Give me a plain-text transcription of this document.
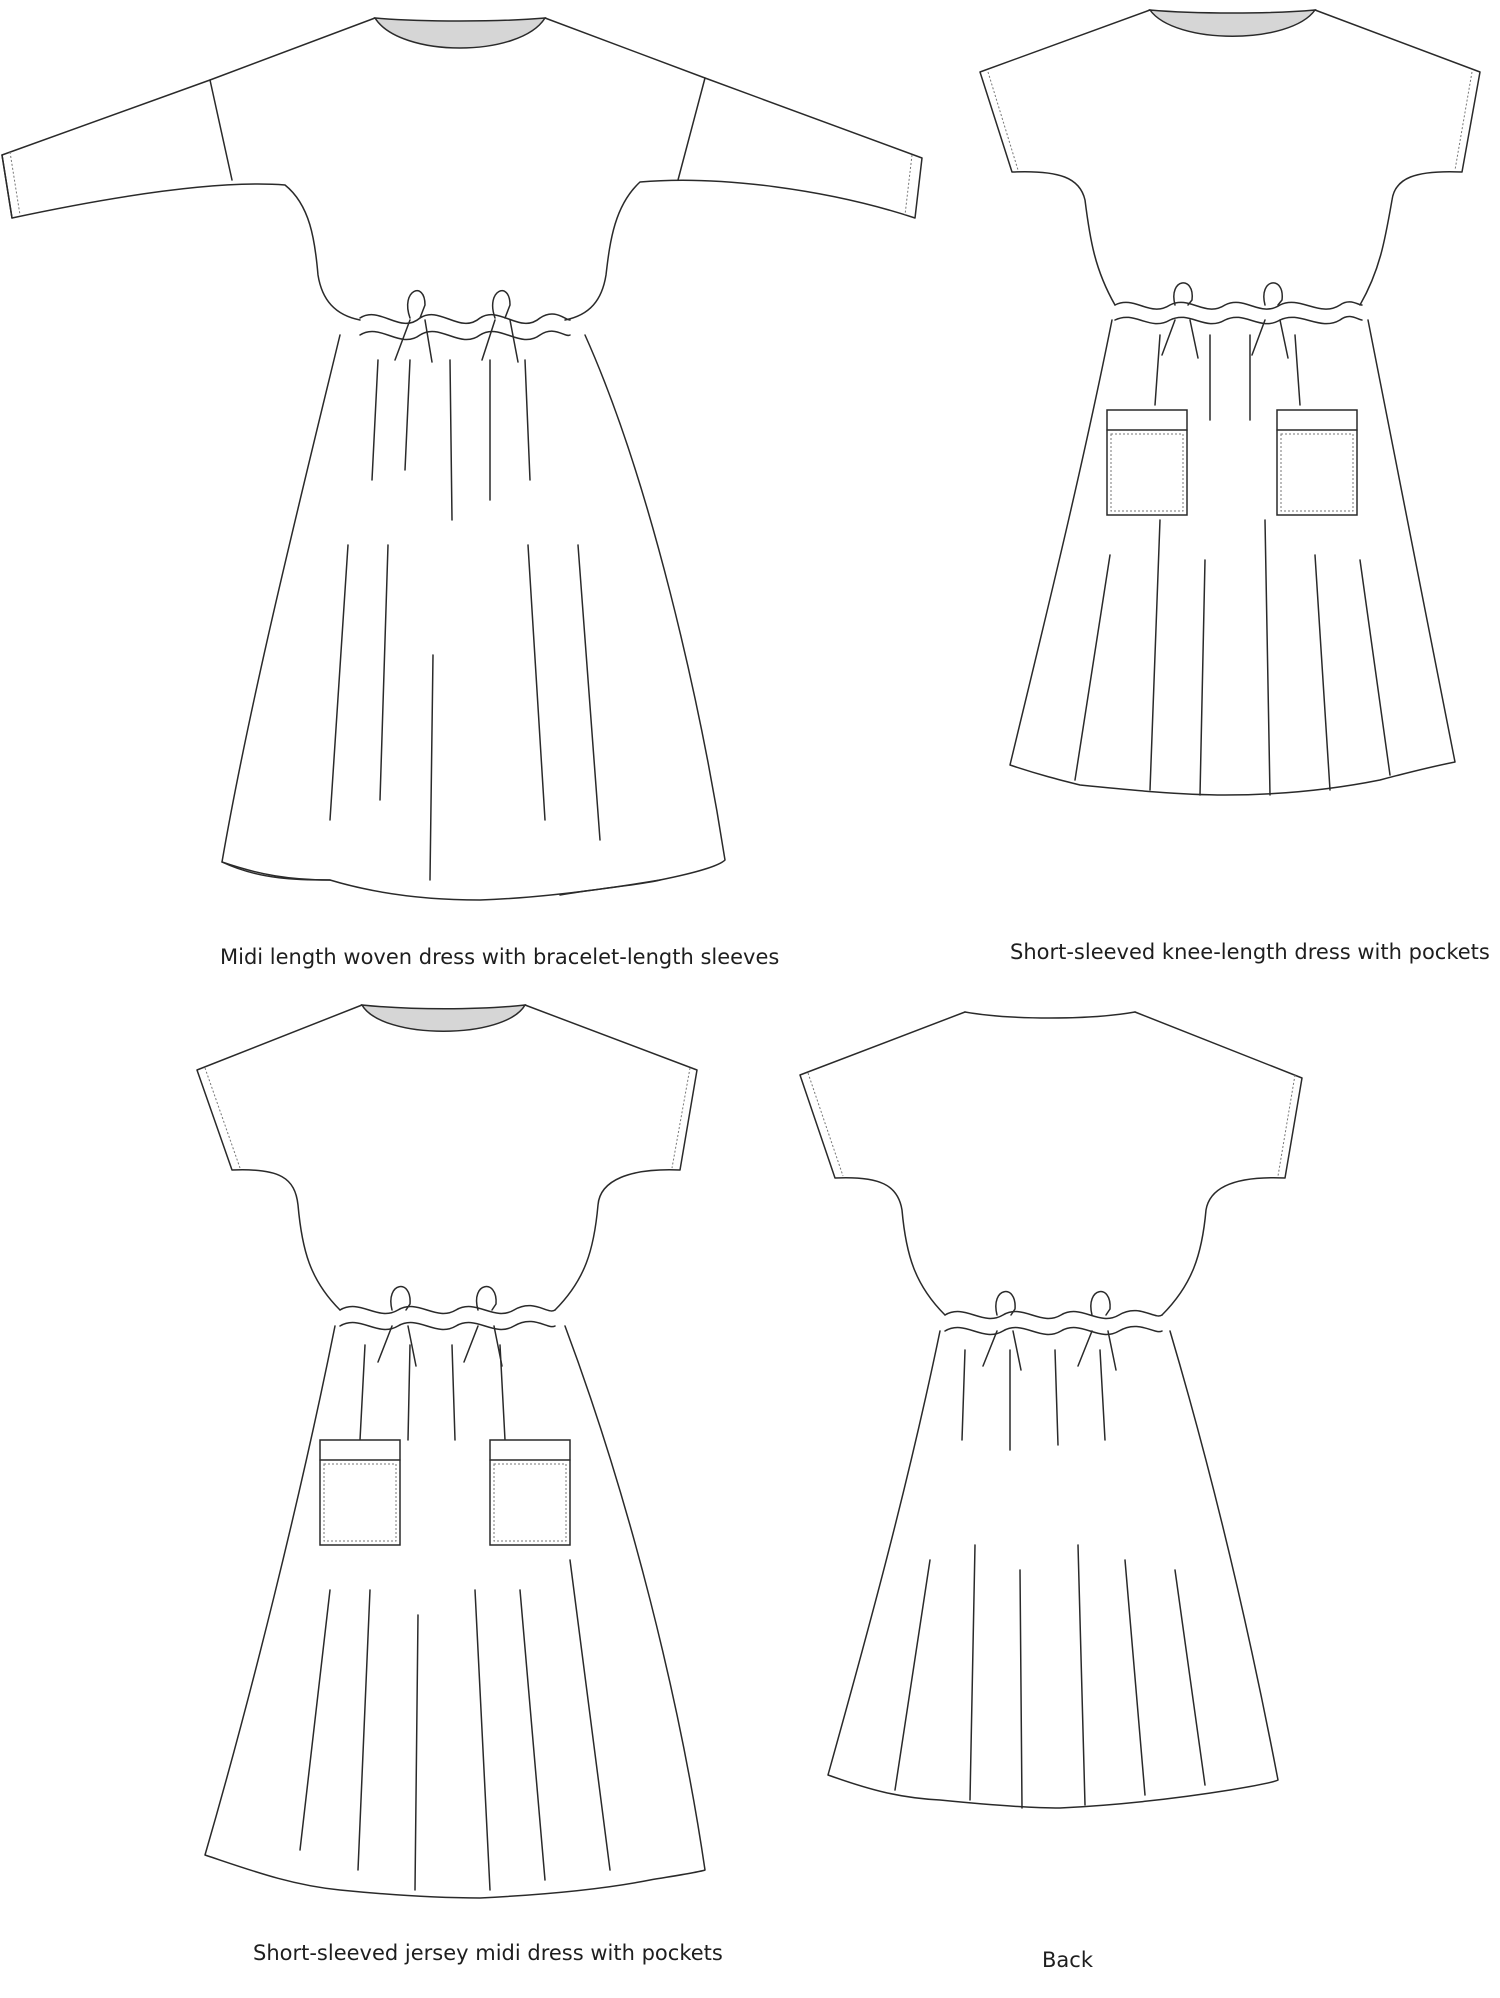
Midi length woven dress with bracelet-length sleeves	Short-sleeved knee-length dress with pockets
Short-sleeved jersey midi dress with pockets	Back
